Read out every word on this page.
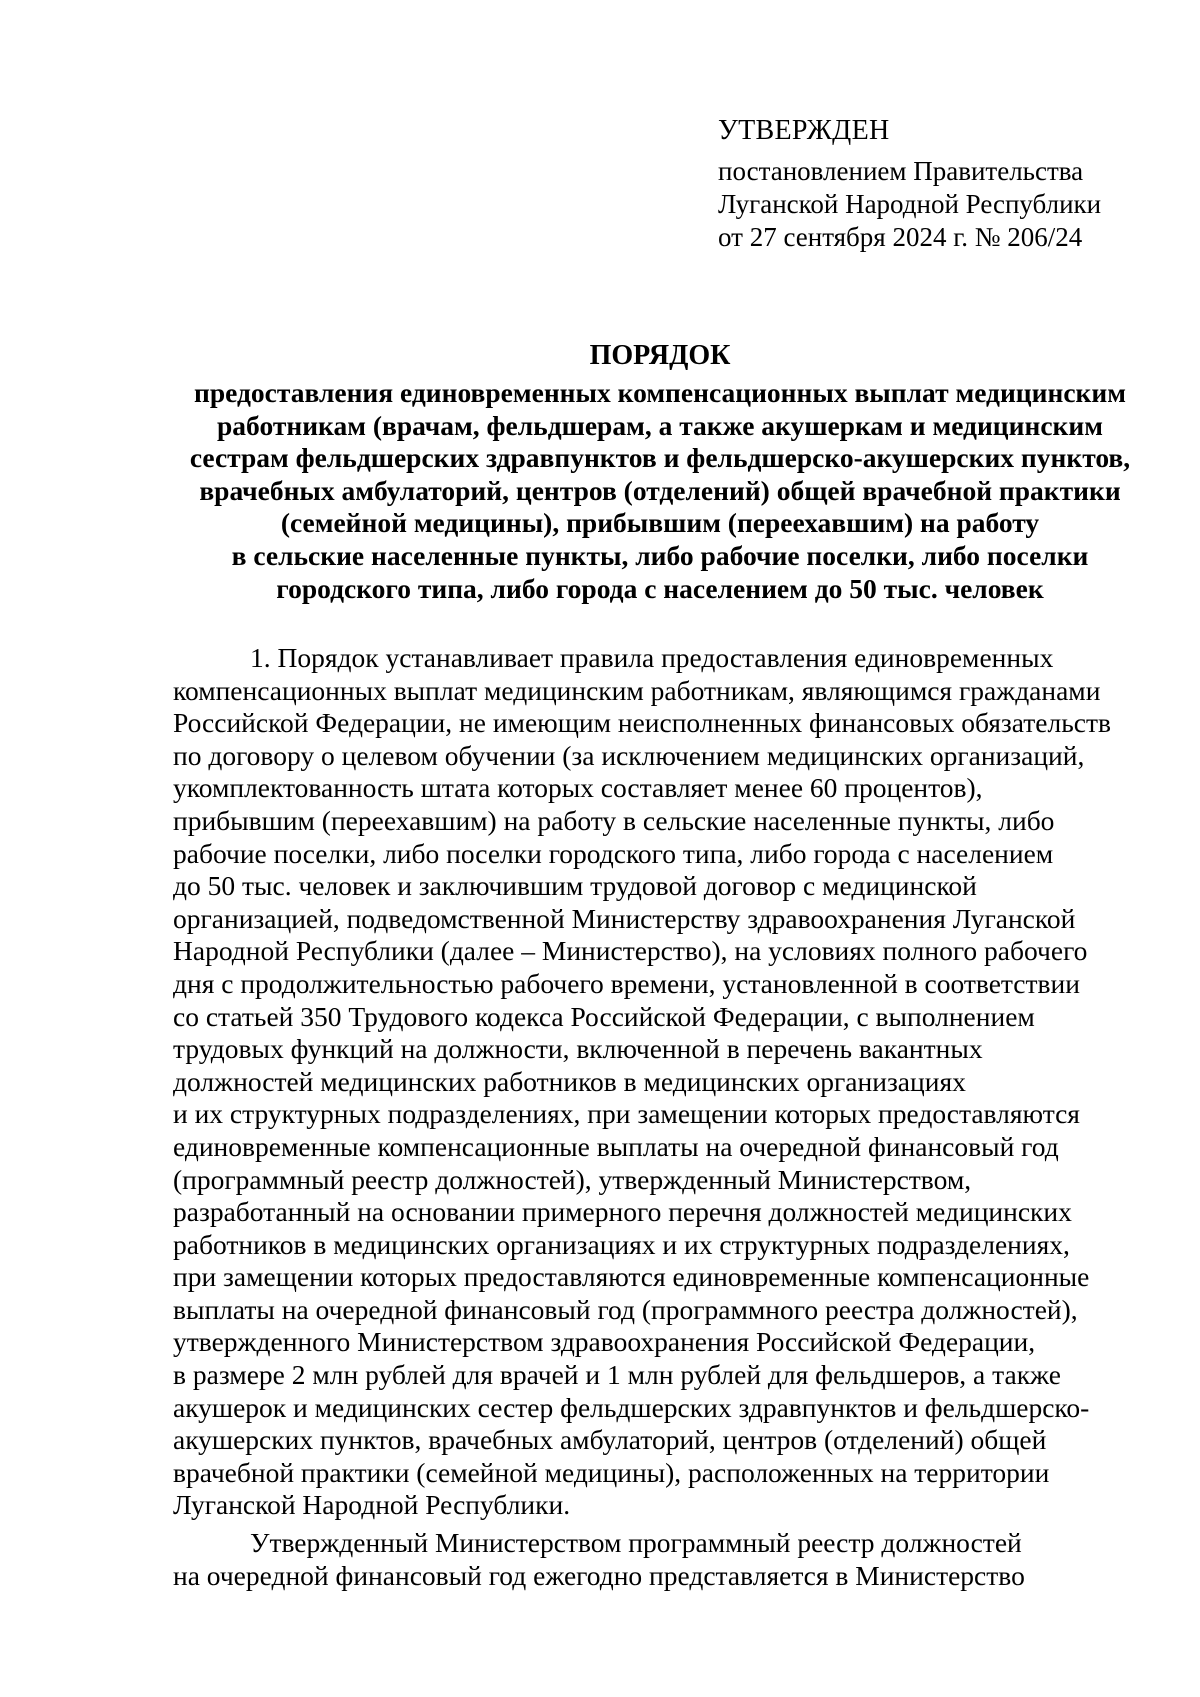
УТВЕРЖДЕН
постановлением Правительства
Луганской Народной Республики
от 27 сентября 2024 г. № 206/24
ПОРЯДОК
предоставления единовременных компенсационных выплат медицинским
работникам (врачам, фельдшерам, а также акушеркам и медицинским
сестрам фельдшерских здравпунктов и фельдшерско-акушерских пунктов,
врачебных амбулаторий, центров (отделений) общей врачебной практики
(семейной медицины), прибывшим (переехавшим) на работу
в сельские населенные пункты, либо рабочие поселки, либо поселки
городского типа, либо города с населением до 50 тыс. человек
1. Порядок устанавливает правила предоставления единовременных
компенсационных выплат медицинским работникам, являющимся гражданами
Российской Федерации, не имеющим неисполненных финансовых обязательств
по договору о целевом обучении (за исключением медицинских организаций,
укомплектованность штата которых составляет менее 60 процентов),
прибывшим (переехавшим) на работу в сельские населенные пункты, либо
рабочие поселки, либо поселки городского типа, либо города с населением
до 50 тыс. человек и заключившим трудовой договор с медицинской
организацией, подведомственной Министерству здравоохранения Луганской
Народной Республики (далее – Министерство), на условиях полного рабочего
дня с продолжительностью рабочего времени, установленной в соответствии
со статьей 350 Трудового кодекса Российской Федерации, с выполнением
трудовых функций на должности, включенной в перечень вакантных
должностей медицинских работников в медицинских организациях
и их структурных подразделениях, при замещении которых предоставляются
единовременные компенсационные выплаты на очередной финансовый год
(программный реестр должностей), утвержденный Министерством,
разработанный на основании примерного перечня должностей медицинских
работников в медицинских организациях и их структурных подразделениях,
при замещении которых предоставляются единовременные компенсационные
выплаты на очередной финансовый год (программного реестра должностей),
утвержденного Министерством здравоохранения Российской Федерации,
в размере 2 млн рублей для врачей и 1 млн рублей для фельдшеров, а также
акушерок и медицинских сестер фельдшерских здравпунктов и фельдшерско-
акушерских пунктов, врачебных амбулаторий, центров (отделений) общей
врачебной практики (семейной медицины), расположенных на территории
Луганской Народной Республики.
Утвержденный Министерством программный реестр должностей
на очередной финансовый год ежегодно представляется в Министерство
